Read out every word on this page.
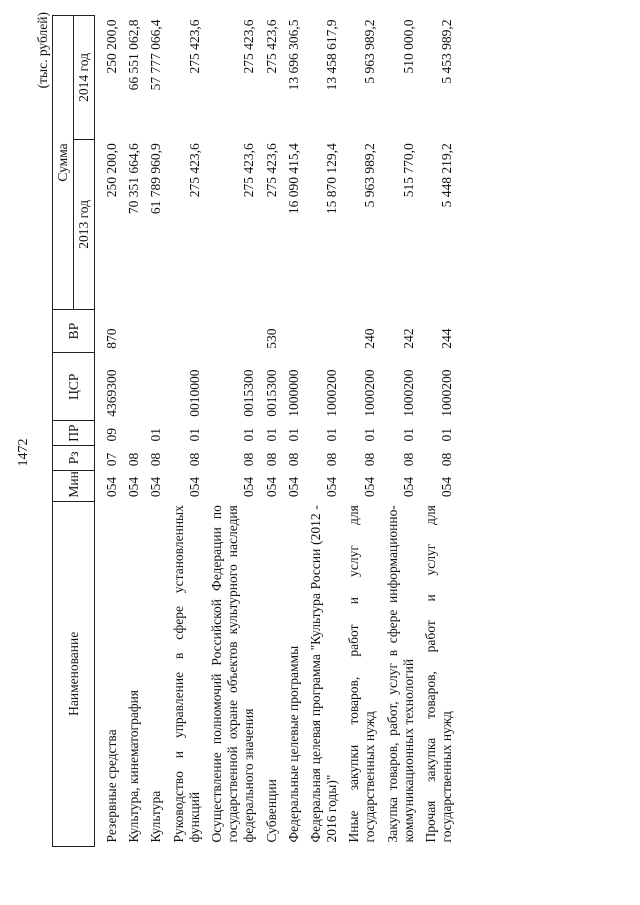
1472
(тыс. рублей)
Наименование	Мин	Рз	ПР	ЦСР	ВР	Сумма	
						2013 год	2014 год
Резервные средства	054	07	09	4369300	870	250 200,0	250 200,0
Культура, кинематография	054	08				70 351 664,6	66 551 062,8
Культура	054	08	01			61 789 960,9	57 777 066,4
Руководство и управление в сфере установленных функций	054	08	01	0010000		275 423,6	275 423,6
Осуществление полномочий Российской Федерации по государственной охране объектов культурного наследия федерального значения	054	08	01	0015300		275 423,6	275 423,6
Субвенции	054	08	01	0015300	530	275 423,6	275 423,6
Федеральные целевые программы	054	08	01	1000000		16 090 415,4	13 696 306,5
Федеральная целевая программа "Культура России (2012 - 2016 годы)"	054	08	01	1000200		15 870 129,4	13 458 617,9
Иные закупки товаров, работ и услуг для государственных нужд	054	08	01	1000200	240	5 963 989,2	5 963 989,2
Закупка товаров, работ, услуг в сфере информационно-коммуникационных технологий	054	08	01	1000200	242	515 770,0	510 000,0
Прочая закупка товаров, работ и услуг для государственных нужд	054	08	01	1000200	244	5 448 219,2	5 453 989,2
